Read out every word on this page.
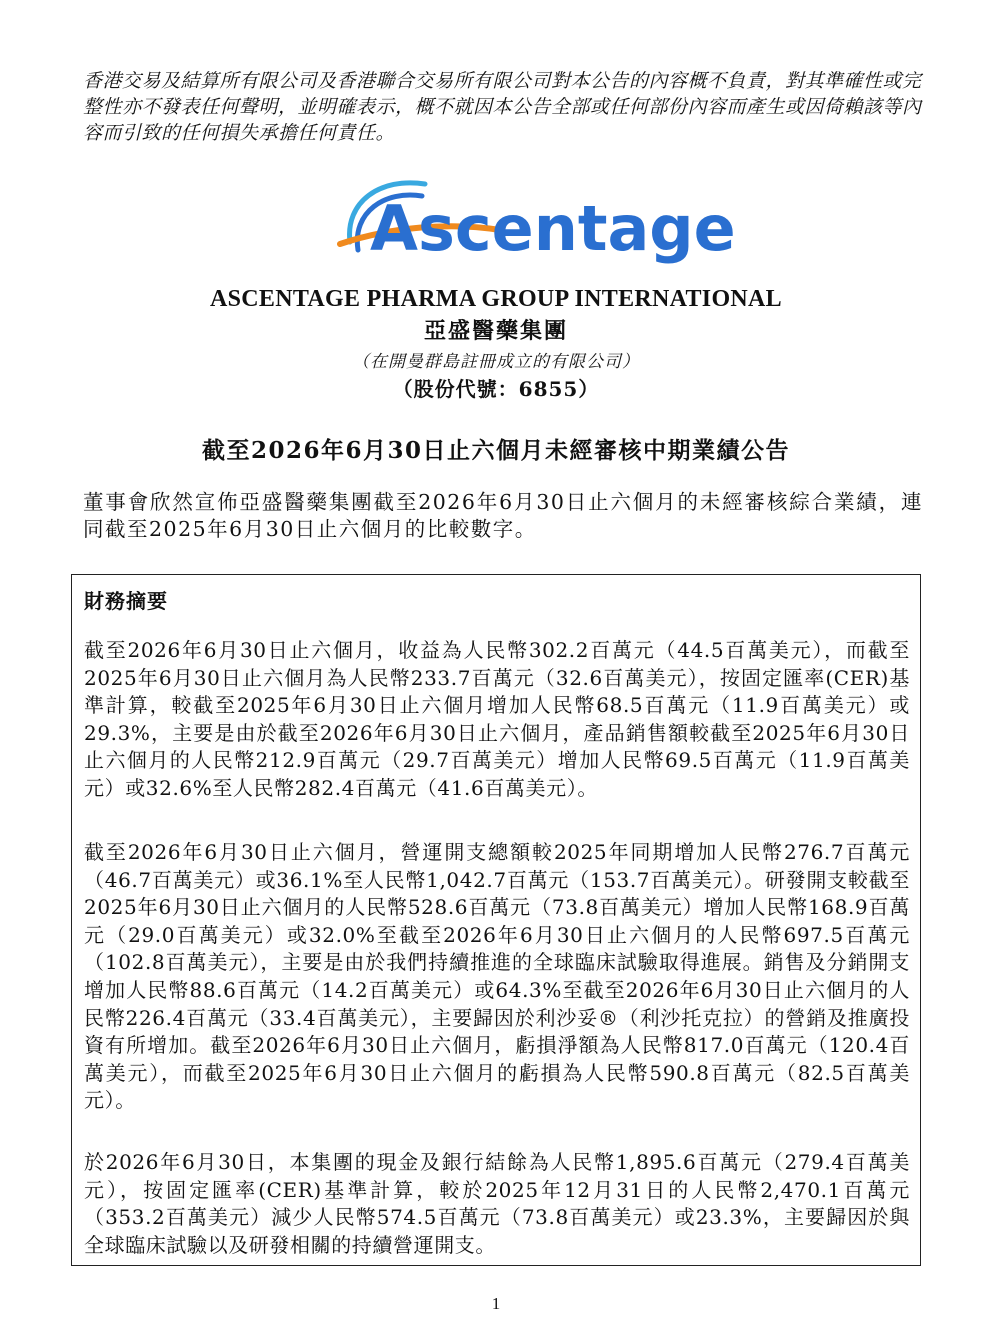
香港交易及結算所有限公司及香港聯合交易所有限公司對本公告的內容概不負責，對其準確性或完整性亦不發表任何聲明，並明確表示，概不就因本公告全部或任何部份內容而產生或因倚賴該等內容而引致的任何損失承擔任何責任。
Ascentage
ASCENTAGE PHARMA GROUP INTERNATIONAL
亞盛醫藥集團
（在開曼群島註冊成立的有限公司）
（股份代號：6855）
截至2026年6月30日止六個月未經審核中期業績公告
董事會欣然宣佈亞盛醫藥集團截至2026年6月30日止六個月的未經審核綜合業績，連同截至2025年6月30日止六個月的比較數字。
財務摘要
截至2026年6月30日止六個月，收益為人民幣302.2百萬元（44.5百萬美元），而截至2025年6月30日止六個月為人民幣233.7百萬元（32.6百萬美元），按固定匯率(CER)基準計算，較截至2025年6月30日止六個月增加人民幣68.5百萬元（11.9百萬美元）或29.3%，主要是由於截至2026年6月30日止六個月，產品銷售額較截至2025年6月30日止六個月的人民幣212.9百萬元（29.7百萬美元）增加人民幣69.5百萬元（11.9百萬美元）或32.6%至人民幣282.4百萬元（41.6百萬美元）。
截至2026年6月30日止六個月，營運開支總額較2025年同期增加人民幣276.7百萬元（46.7百萬美元）或36.1%至人民幣1,042.7百萬元（153.7百萬美元）。研發開支較截至2025年6月30日止六個月的人民幣528.6百萬元（73.8百萬美元）增加人民幣168.9百萬元（29.0百萬美元）或32.0%至截至2026年6月30日止六個月的人民幣697.5百萬元（102.8百萬美元），主要是由於我們持續推進的全球臨床試驗取得進展。銷售及分銷開支增加人民幣88.6百萬元（14.2百萬美元）或64.3%至截至2026年6月30日止六個月的人民幣226.4百萬元（33.4百萬美元），主要歸因於利沙妥®（利沙托克拉）的營銷及推廣投資有所增加。截至2026年6月30日止六個月，虧損淨額為人民幣817.0百萬元（120.4百萬美元），而截至2025年6月30日止六個月的虧損為人民幣590.8百萬元（82.5百萬美元）。
於2026年6月30日，本集團的現金及銀行結餘為人民幣1,895.6百萬元（279.4百萬美元），按固定匯率(CER)基準計算，較於2025年12月31日的人民幣2,470.1百萬元（353.2百萬美元）減少人民幣574.5百萬元（73.8百萬美元）或23.3%，主要歸因於與全球臨床試驗以及研發相關的持續營運開支。
1
